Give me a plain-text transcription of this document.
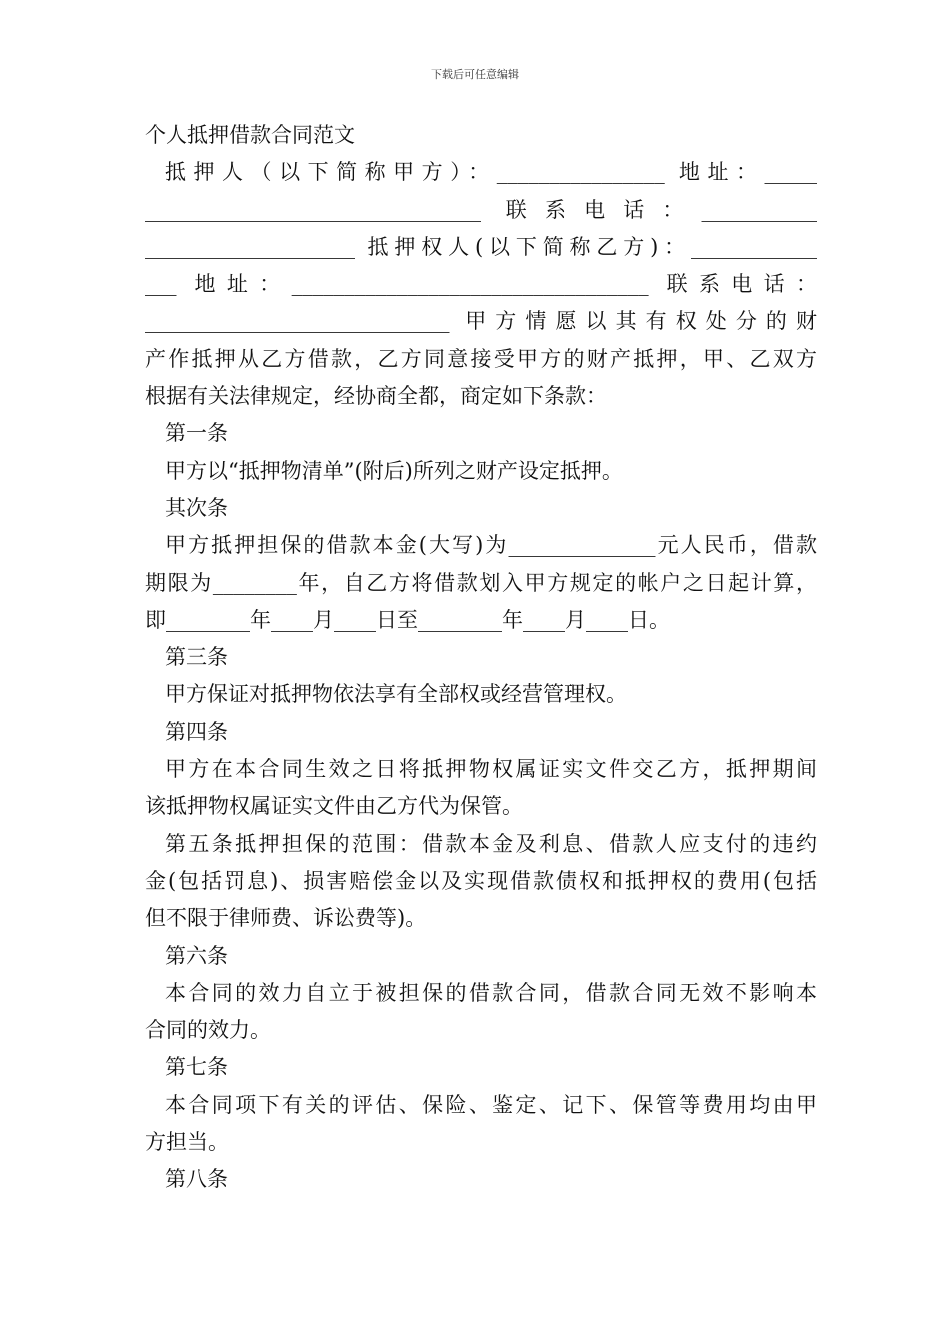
下载后可任意编辑
个人抵押借款合同范文
抵押人（以下简称甲方）：________________ 地址：_____
________________________________ 联系电话：___________
____________________ 抵押权人(以下简称乙方)：____________
___ 地址：__________________________________ 联系电话：
_____________________________ 甲方情愿以其有权处分的财
产作抵押从乙方借款，乙方同意接受甲方的财产抵押，甲、乙双方
根据有关法律规定，经协商全都，商定如下条款：
第一条
甲方以“抵押物清单”(附后)所列之财产设定抵押。
其次条
甲方抵押担保的借款本金(大写)为______________元人民币，借款
期限为________年，自乙方将借款划入甲方规定的帐户之日起计算，
即________年____月____日至________年____月____日。
第三条
甲方保证对抵押物依法享有全部权或经营管理权。
第四条
甲方在本合同生效之日将抵押物权属证实文件交乙方，抵押期间
该抵押物权属证实文件由乙方代为保管。
第五条抵押担保的范围：借款本金及利息、借款人应支付的违约
金(包括罚息)、损害赔偿金以及实现借款债权和抵押权的费用(包括
但不限于律师费、诉讼费等)。
第六条
本合同的效力自立于被担保的借款合同，借款合同无效不影响本
合同的效力。
第七条
本合同项下有关的评估、保险、鉴定、记下、保管等费用均由甲
方担当。
第八条
